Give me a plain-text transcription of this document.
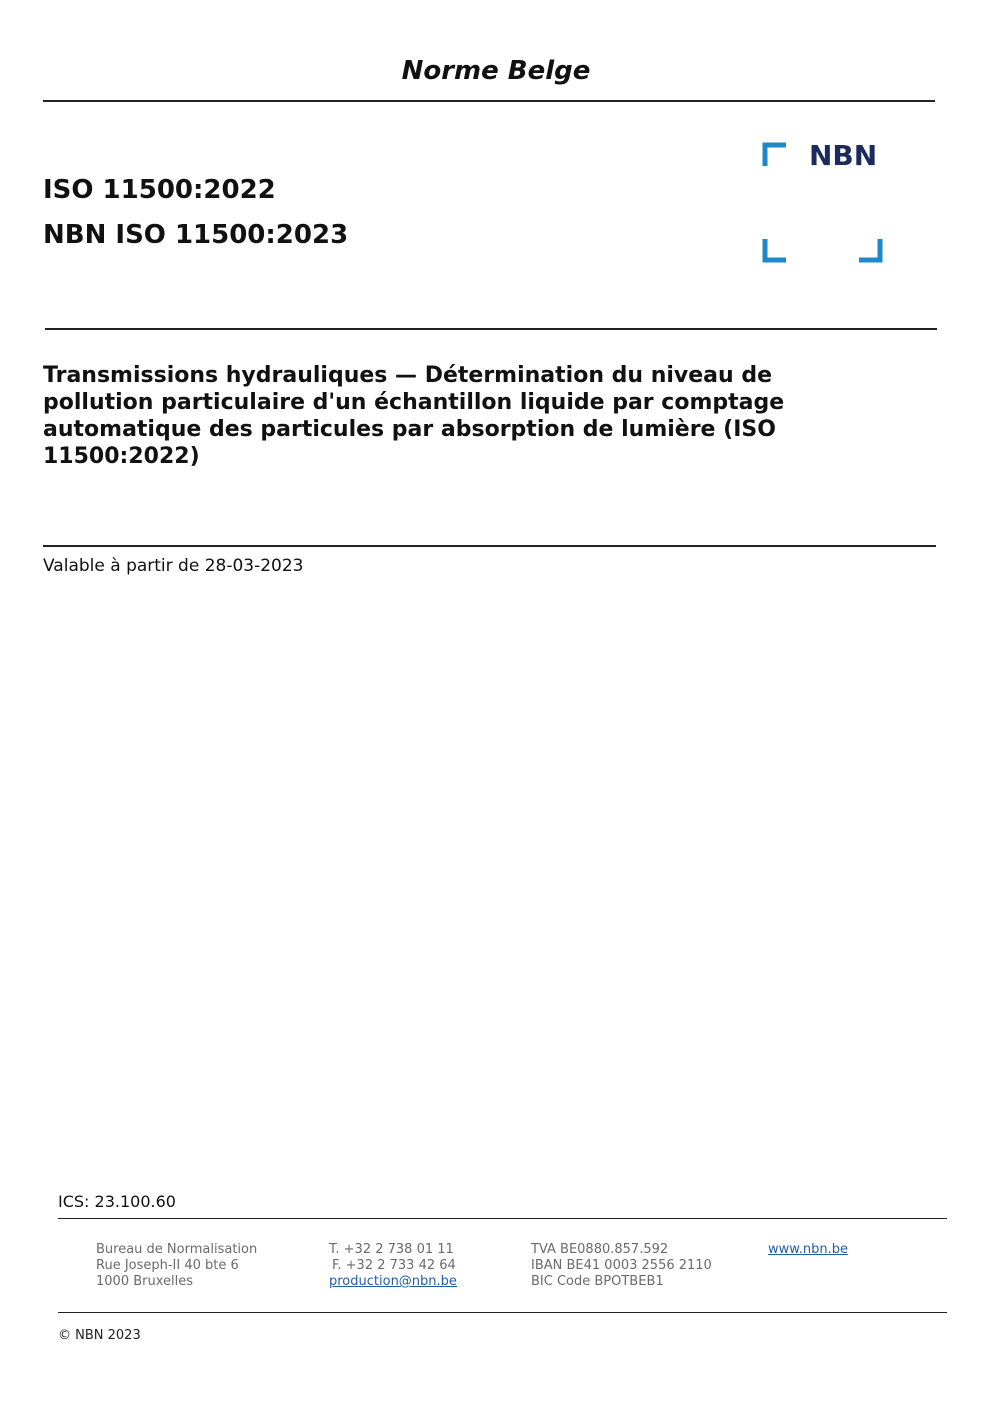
Norme Belge
ISO 11500:2022
NBN ISO 11500:2023
NBN
Transmissions hydrauliques — Détermination du niveau de
pollution particulaire d'un échantillon liquide par comptage
automatique des particules par absorption de lumière (ISO
11500:2022)
Valable à partir de 28-03-2023
ICS: 23.100.60
Bureau de Normalisation
Rue Joseph-II 40 bte 6
1000 Bruxelles
T. +32 2 738 01 11
F. +32 2 733 42 64
production@nbn.be
TVA BE0880.857.592
IBAN BE41 0003 2556 2110
BIC Code BPOTBEB1
www.nbn.be
© NBN 2023
